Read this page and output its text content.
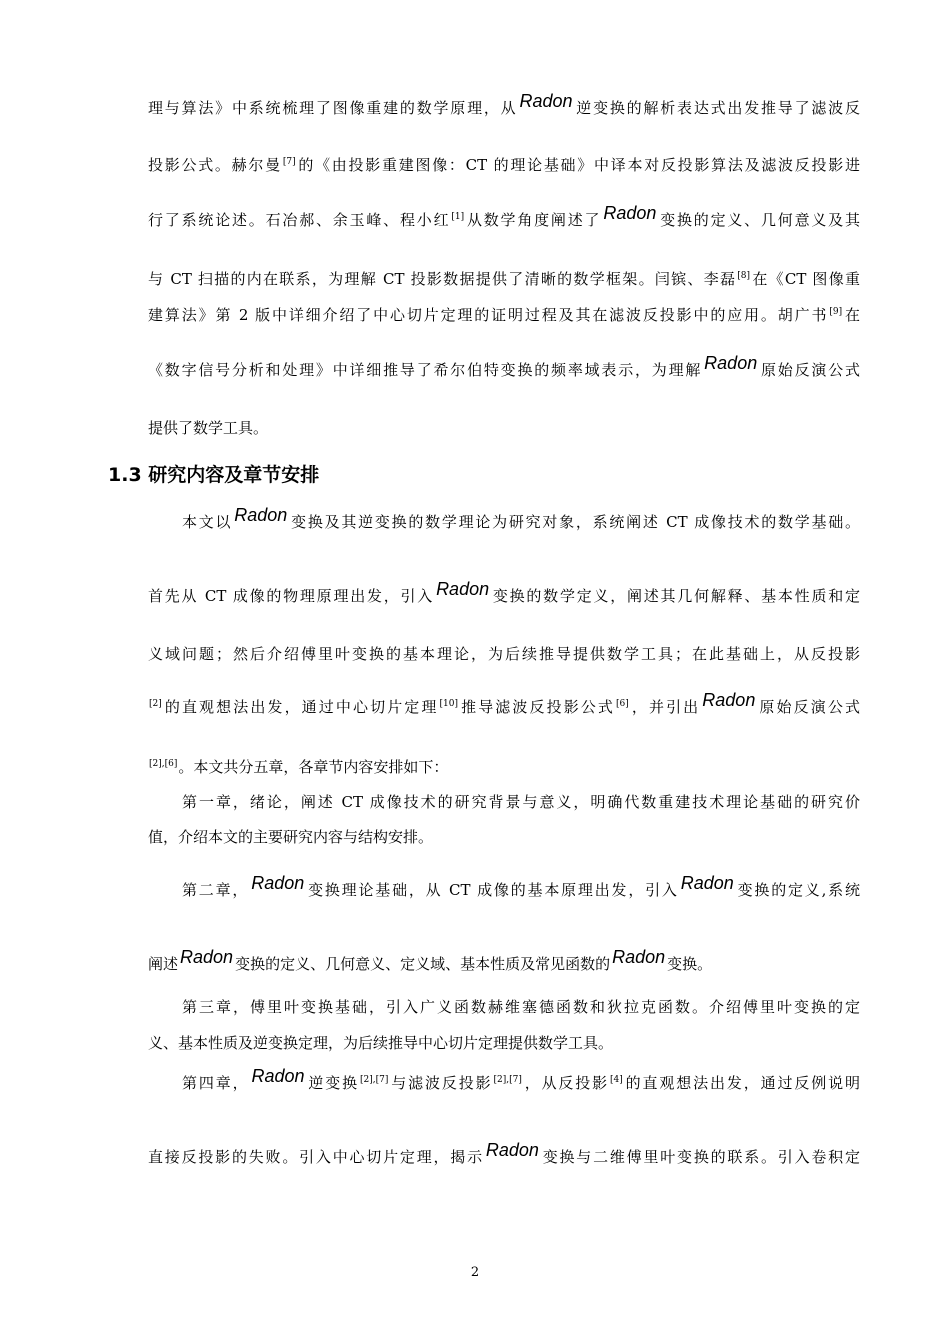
理与算法》中系统梳理了图像重建的数学原理，从 Radon 逆变换的解析表达式出发推导了滤波反
投影公式。赫尔曼[7]的《由投影重建图像：CT 的理论基础》中译本对反投影算法及滤波反投影进
行了系统论述。石冶郝、余玉峰、程小红[1]从数学角度阐述了 Radon 变换的定义、几何意义及其
与 CT 扫描的内在联系，为理解 CT 投影数据提供了清晰的数学框架。闫镔、李磊[8]在《CT 图像重
建算法》第 2 版中详细介绍了中心切片定理的证明过程及其在滤波反投影中的应用。胡广书[9]在
《数字信号分析和处理》中详细推导了希尔伯特变换的频率域表示，为理解 Radon 原始反演公式
提供了数学工具。
1.3 研究内容及章节安排
本文以 Radon 变换及其逆变换的数学理论为研究对象，系统阐述 CT 成像技术的数学基础。
首先从 CT 成像的物理原理出发，引入 Radon 变换的数学定义，阐述其几何解释、基本性质和定
义域问题；然后介绍傅里叶变换的基本理论，为后续推导提供数学工具；在此基础上，从反投影
[2]的直观想法出发，通过中心切片定理[10]推导滤波反投影公式[6]，并引出 Radon 原始反演公式
[2],[6]。本文共分五章，各章节内容安排如下：
第一章，绪论，阐述 CT 成像技术的研究背景与意义，明确代数重建技术理论基础的研究价
值，介绍本文的主要研究内容与结构安排。
第二章， Radon 变换理论基础，从 CT 成像的基本原理出发，引入 Radon 变换的定义,系统
阐述 Radon 变换的定义、几何意义、定义域、基本性质及常见函数的 Radon 变换。
第三章，傅里叶变换基础，引入广义函数赫维塞德函数和狄拉克函数。介绍傅里叶变换的定
义、基本性质及逆变换定理，为后续推导中心切片定理提供数学工具。
第四章， Radon 逆变换[2],[7]与滤波反投影[2],[7]，从反投影[4]的直观想法出发，通过反例说明
直接反投影的失败。引入中心切片定理，揭示 Radon 变换与二维傅里叶变换的联系。引入卷积定
2
